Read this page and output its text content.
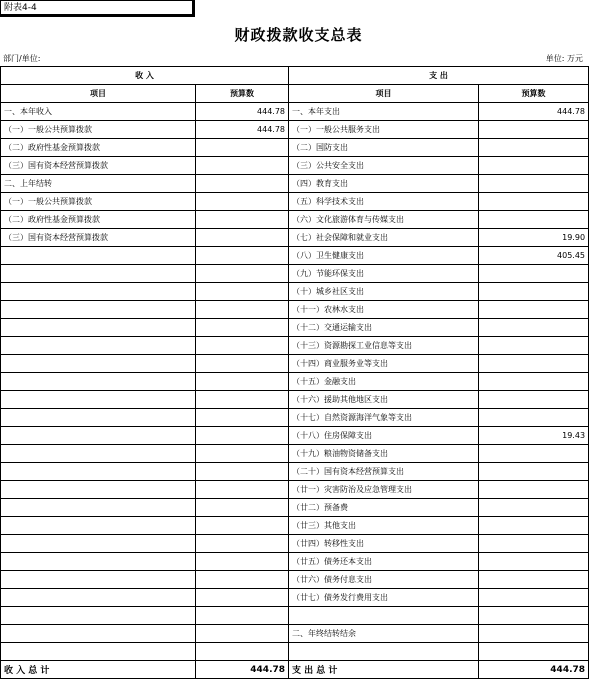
附表4-4
财政拨款收支总表
部门/单位:	单位: 万元
收 入		支 出	
项目	预算数	项目	预算数
一、本年收入	444.78	一、本年支出	444.78
（一）一般公共预算拨款	444.78	（一）一般公共服务支出	
（二）政府性基金预算拨款		（二）国防支出	
（三）国有资本经营预算拨款		（三）公共安全支出	
二、上年结转		（四）教育支出	
（一）一般公共预算拨款		（五）科学技术支出	
（二）政府性基金预算拨款		（六）文化旅游体育与传媒支出	
（三）国有资本经营预算拨款		（七）社会保障和就业支出	19.90
		（八）卫生健康支出	405.45
		（九）节能环保支出	
		（十）城乡社区支出	
		（十一）农林水支出	
		（十二）交通运输支出	
		（十三）资源勘探工业信息等支出	
		（十四）商业服务业等支出	
		（十五）金融支出	
		（十六）援助其他地区支出	
		（十七）自然资源海洋气象等支出	
		（十八）住房保障支出	19.43
		（十九）粮油物资储备支出	
		（二十）国有资本经营预算支出	
		（廿一）灾害防治及应急管理支出	
		（廿二）预备费	
		（廿三）其他支出	
		（廿四）转移性支出	
		（廿五）债务还本支出	
		（廿六）债务付息支出	
		（廿七）债务发行费用支出	

		二、年终结转结余	

收 入 总 计	444.78	支 出 总 计	444.78
